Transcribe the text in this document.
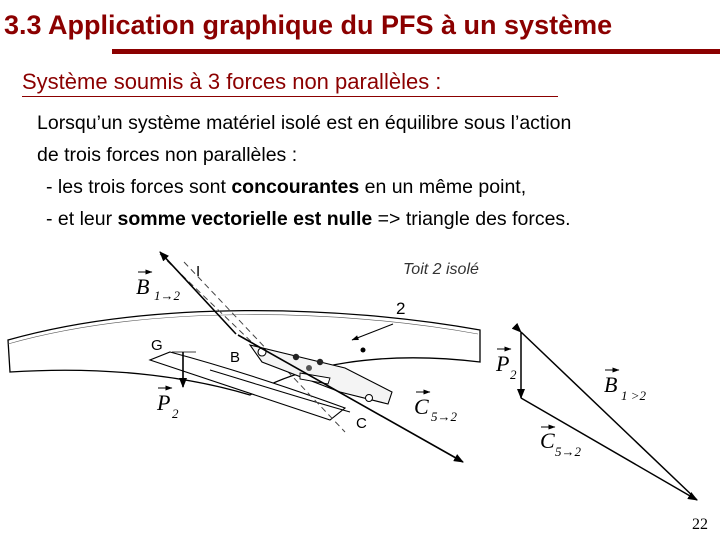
3.3 Application graphique du PFS à un système
Système soumis à 3 forces non parallèles :
Lorsqu’un système matériel isolé est en équilibre sous l’action
de trois forces non parallèles :
- les trois forces sont concourantes en un même point,
- et leur somme vectorielle est nulle => triangle des forces.
I
G
B
C
Toit 2 isolé
2
B 1→2
P 2	C 5→2
P 2	B 1 >2
C 5→2
22
